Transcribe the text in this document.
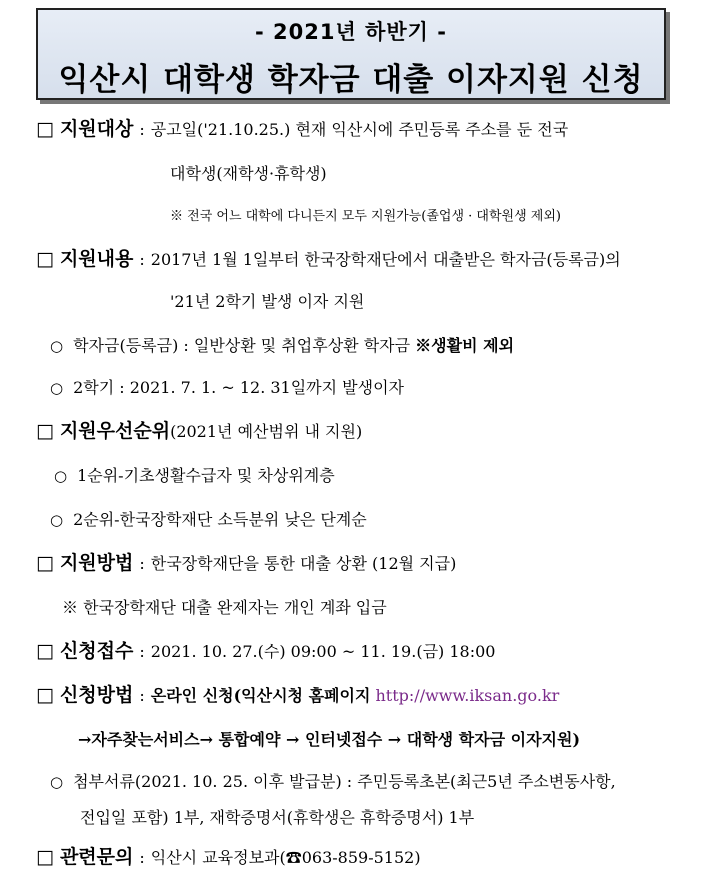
- 2021년 하반기 -
익산시 대학생 학자금 대출 이자지원 신청
□ 지원대상 : 공고일('21.10.25.) 현재 익산시에 주민등록 주소를 둔 전국
대학생(재학생·휴학생)
※ 전국 어느 대학에 다니든지 모두 지원가능(졸업생 · 대학원생 제외)
□ 지원내용 : 2017년 1월 1일부터 한국장학재단에서 대출받은 학자금(등록금)의
'21년 2학기 발생 이자 지원
○ 학자금(등록금) : 일반상환 및 취업후상환 학자금 ※생활비 제외
○ 2학기 : 2021. 7. 1. ~ 12. 31일까지 발생이자
□ 지원우선순위(2021년 예산범위 내 지원)
○ 1순위-기초생활수급자 및 차상위계층
○ 2순위-한국장학재단 소득분위 낮은 단계순
□ 지원방법 : 한국장학재단을 통한 대출 상환 (12월 지급)
※ 한국장학재단 대출 완제자는 개인 계좌 입금
□ 신청접수 : 2021. 10. 27.(수) 09:00 ~ 11. 19.(금) 18:00
□ 신청방법 : 온라인 신청(익산시청 홈페이지 http://www.iksan.go.kr
→자주찾는서비스→ 통합예약 → 인터넷접수 → 대학생 학자금 이자지원)
○ 첨부서류(2021. 10. 25. 이후 발급분) : 주민등록초본(최근5년 주소변동사항,
전입일 포함) 1부, 재학증명서(휴학생은 휴학증명서) 1부
□ 관련문의 : 익산시 교육정보과(☎063-859-5152)
